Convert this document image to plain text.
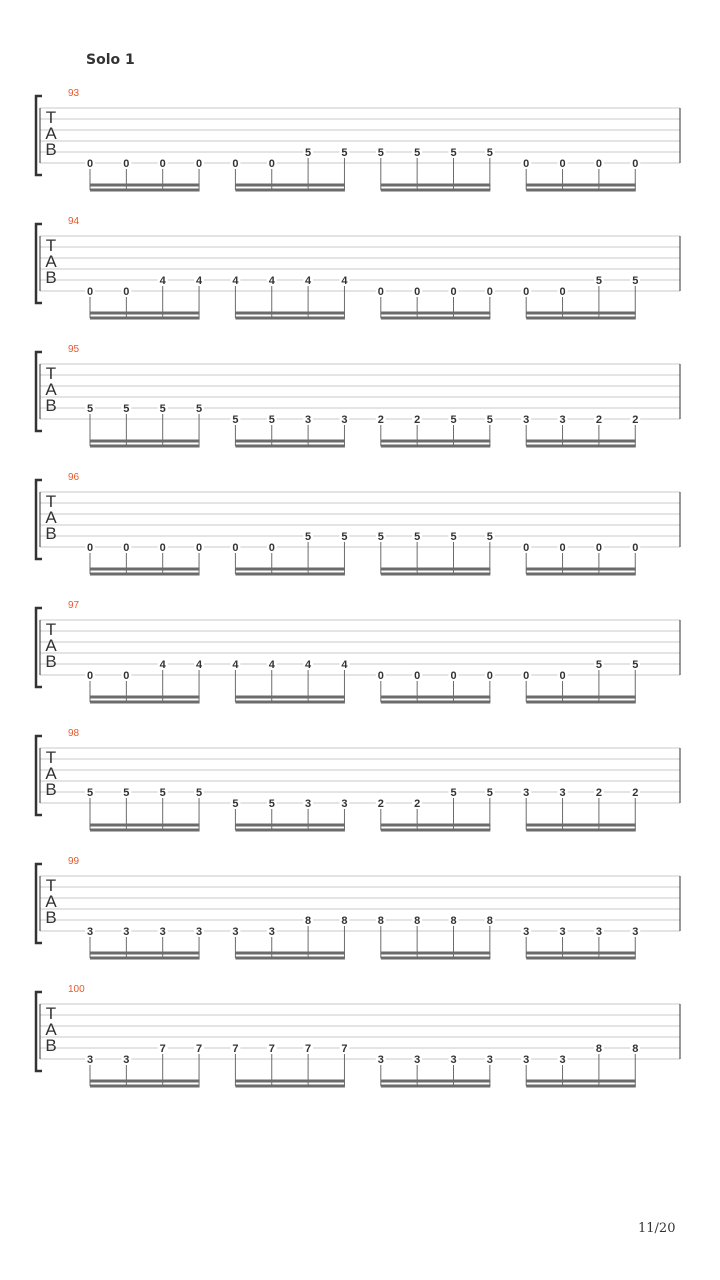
Solo 1
93
T
A
B
0	0	0	0	0	0
5	5	5	5	5	5
0	0	0	0
94
T
A
B
0	0
4	4	4	4	4	4
0	0	0	0	0	0
5	5
95
T
A
B	5	5	5	5
5	5	3	3	2	2	5	5	3	3	2	2
96
T
A
B
0	0	0	0	0	0
5	5	5	5	5	5
0	0	0	0
97
T
A
B
0	0
4	4	4	4	4	4
0	0	0	0	0	0
5	5
98
T
A
B	5	5	5	5
5	5	3	3	2	2
5	5	3	3	2	2
99
T
A
B
3	3	3	3	3	3
8	8	8	8	8	8
3	3	3	3
100
T
A
B
3	3
7	7	7	7	7	7
3	3	3	3	3	3
8	8
11/20
